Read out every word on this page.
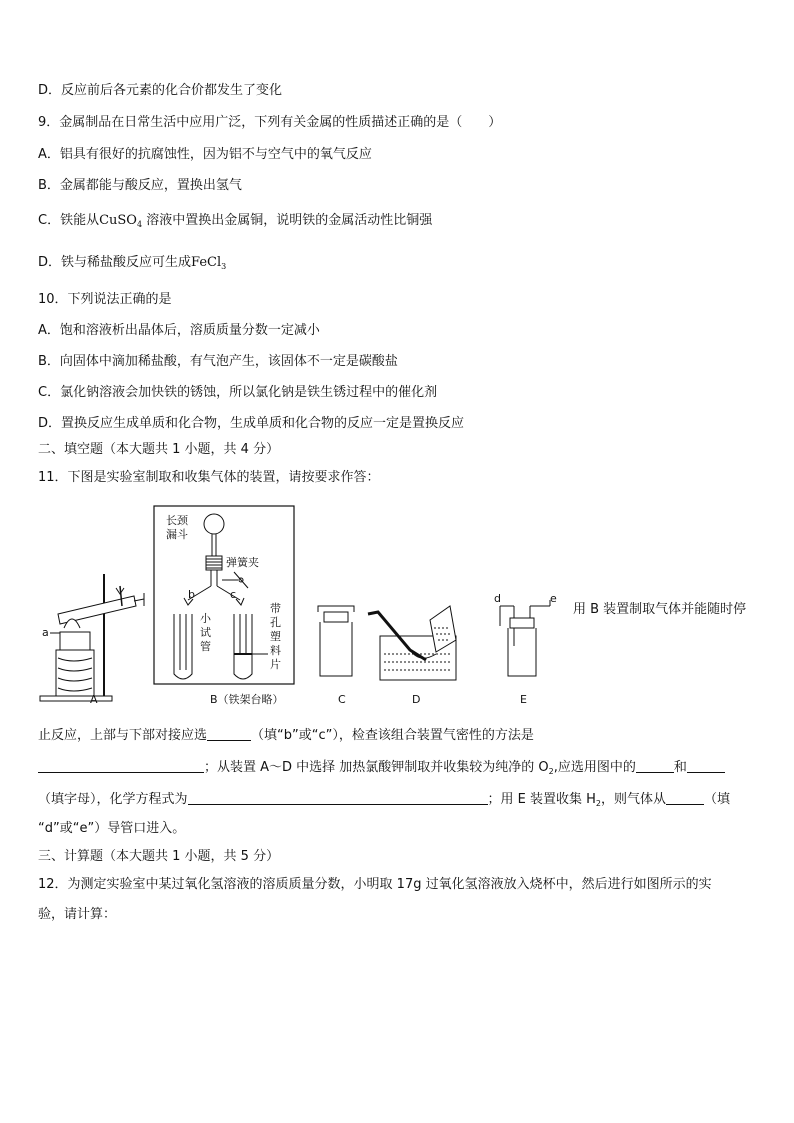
D．反应前后各元素的化合价都发生了变化
9．金属制品在日常生活中应用广泛，下列有关金属的性质描述正确的是（　　）
A．铝具有很好的抗腐蚀性，因为铝不与空气中的氧气反应
B．金属都能与酸反应，置换出氢气
C．铁能从CuSO$_4$ 溶液中置换出金属铜，说明铁的金属活动性比铜强
D．铁与稀盐酸反应可生成FeCl$_3$
10．下列说法正确的是
A．饱和溶液析出晶体后，溶质质量分数一定减小
B．向固体中滴加稀盐酸，有气泡产生，该固体不一定是碳酸盐
C．氯化钠溶液会加快铁的锈蚀，所以氯化钠是铁生锈过程中的催化剂
D．置换反应生成单质和化合物，生成单质和化合物的反应一定是置换反应
二、填空题（本大题共 1 小题，共 4 分）
11．下图是实验室制取和收集气体的装置，请按要求作答：
长颈
漏斗
弹簧夹
b	c
小
试
管
带
孔
塑
料
片
a
d	e
A	B（铁架台略）	C	D	E
用 B 装置制取气体并能随时停
止反应，上部与下部对接应选	（填“b”或“c”），检查该组合装置气密性的方法是
；从装置 A～D 中选择 加热氯酸钾制取并收集较为纯净的 $O_2$,应选用图中的	和
（填字母），化学方程式为	；用 E 装置收集 $H_2$，则气体从	（填
“d”或“e”）导管口进入。
三、计算题（本大题共 1 小题，共 5 分）
12．为测定实验室中某过氧化氢溶液的溶质质量分数，小明取 17g 过氧化氢溶液放入烧杯中，然后进行如图所示的实
验，请计算：
